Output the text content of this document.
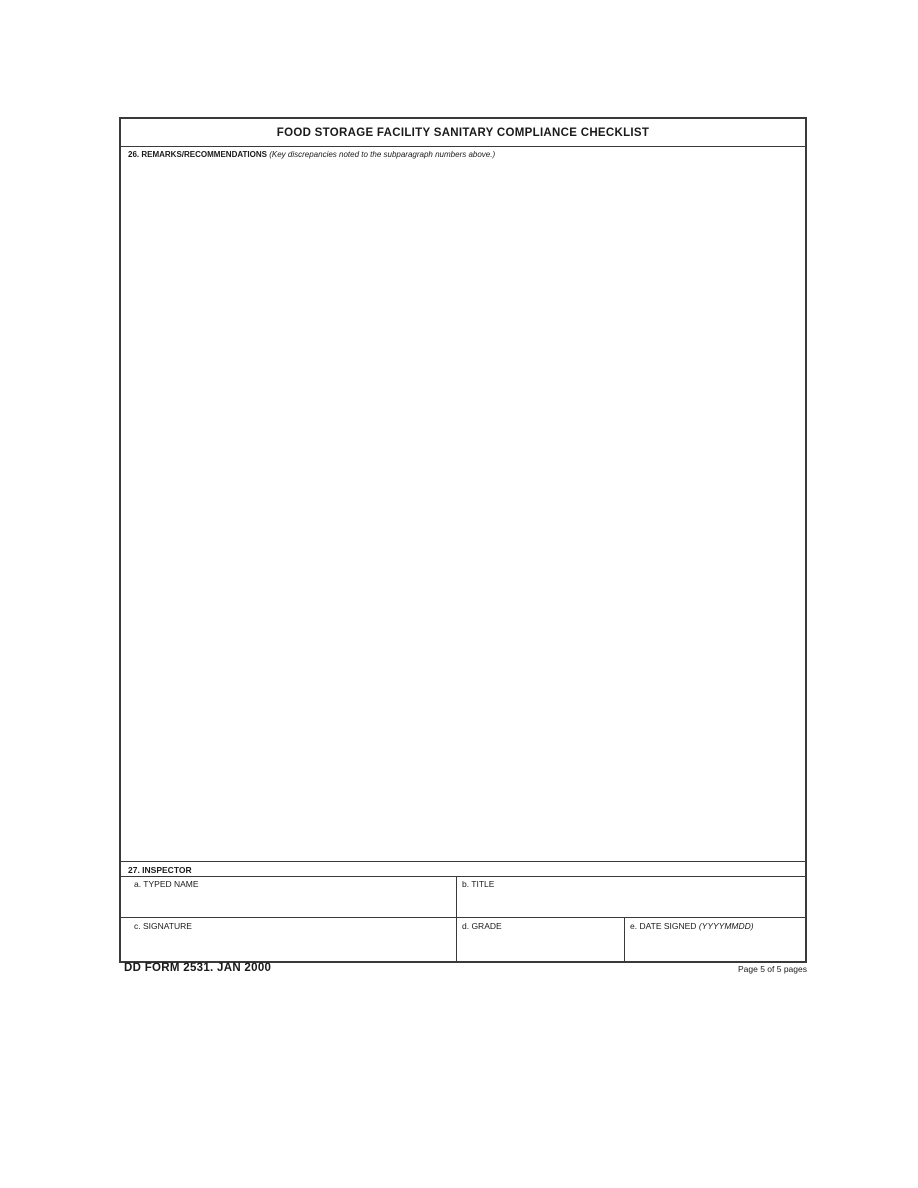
FOOD STORAGE FACILITY SANITARY COMPLIANCE CHECKLIST
26. REMARKS/RECOMMENDATIONS (Key discrepancies noted to the subparagraph numbers above.)
27. INSPECTOR
a. TYPED NAME	b. TITLE
c. SIGNATURE	d. GRADE	e. DATE SIGNED (YYYYMMDD)
DD FORM 2531. JAN 2000	Page 5 of 5 pages
